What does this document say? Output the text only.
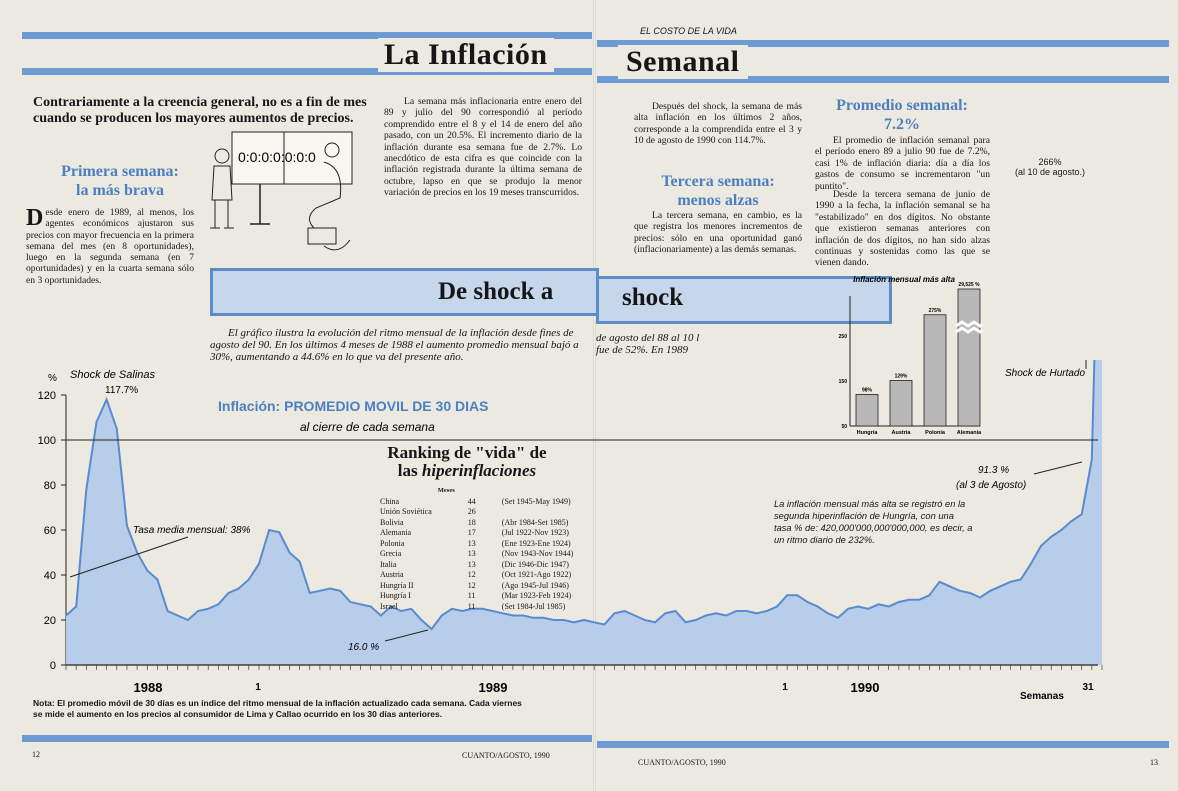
EL COSTO DE LA VIDA
La Inflación	Semanal
Contrariamente a la creencia general, no es a fin de mes cuando se producen los mayores aumentos de precios.
Primera semana:
la más brava
Desde enero de 1989, al menos, los agentes económicos ajustaron sus precios con mayor frecuencia en la primera semana del mes (en 8 oportunidades), luego en la segunda semana (en 7 oportunidades) y en la cuarta semana sólo en 3 oportunidades.
0:0:0:0:0:0:0
La semana más inflacionaria entre enero del 89 y julio del 90 correspondió al período comprendido entre el 8 y el 14 de enero del año pasado, con un 20.5%. El incremento diario de la inflación durante esa semana fue de 2.7%. Lo anecdótico de esta cifra es que coincide con la inflación registrada durante la última semana de octubre, lapso en que se produjo la menor variación de precios en los 19 meses transcurridos.
Después del shock, la semana de más alta inflación en los últimos 2 años, corresponde a la comprendida entre el 3 y 10 de agosto de 1990 con 114.7%.
Tercera semana:
menos alzas
La tercera semana, en cambio, es la que registra los menores incrementos de precios: sólo en una oportunidad ganó (inflacionariamente) a las demás semanas.
Promedio semanal:
7.2%
El promedio de inflación semanal para el período enero 89 a julio 90 fue de 7.2%, casi 1% de inflación diaria: día a día los gastos de consumo se incrementaron "un puntito".
Desde la tercera semana de junio de 1990 a la fecha, la inflación semanal se ha "estabilizado" en dos dígitos. No obstante que existieron semanas anteriores con inflación de dos dígitos, no han sido alzas continuas y sostenidas como las que se vienen dando.
De shock a	shock
El gráfico ilustra la evolución del ritmo mensual de la inflación desde fines de agosto del 90. En los últimos 4 meses de 1988 el aumento promedio mensual bajó a 30%, aumentando a 44.6% en lo que va del presente año.
de agosto del 88 al 10 l fue de 52%. En 1989
0
20
40
60
80
100
120
1988	1	1989	1	1990	31
%
Inflación: PROMEDIO MOVIL DE 30 DIAS
al cierre de cada semana
Shock de Salinas
117.7%
Tasa media mensual: 38%
16.0 %
Shock de Hurtado
91.3 %
(al 3 de Agosto)
Semanas
266%
(al 10 de agosto.)
La inflación mensual más alta se registró en la segunda hiperinflación de Hungría, con una tasa % de: 420,000'000,000'000,000, es decir, a un ritmo diario de 232%.
Ranking de "vida" de
las hiperinflaciones
	Meses	
China	44	(Set 1945-May 1949)
Unión Soviética	26	
Bolivia	18	(Abr 1984-Set 1985)
Alemania	17	(Jul 1922-Nov 1923)
Polonia	13	(Ene 1923-Ene 1924)
Grecia	13	(Nov 1943-Nov 1944)
Italia	13	(Dic 1946-Dic 1947)
Austria	12	(Oct 1921-Ago 1922)
Hungría II	12	(Ago 1945-Jul 1946)
Hungría I	11	(Mar 1923-Feb 1924)
Israel	11	(Set 1984-Jul 1985)
Inflación mensual más alta
50
150
250
98%
Hungría
129%
Austria
275%
Polonia
29,525 %
Alemania
Nota: El promedio móvil de 30 días es un índice del ritmo mensual de la inflación actualizado cada semana. Cada viernes se mide el aumento en los precios al consumidor de Lima y Callao ocurrido en los 30 días anteriores.
12	CUANTO/AGOSTO, 1990
CUANTO/AGOSTO, 1990	13
